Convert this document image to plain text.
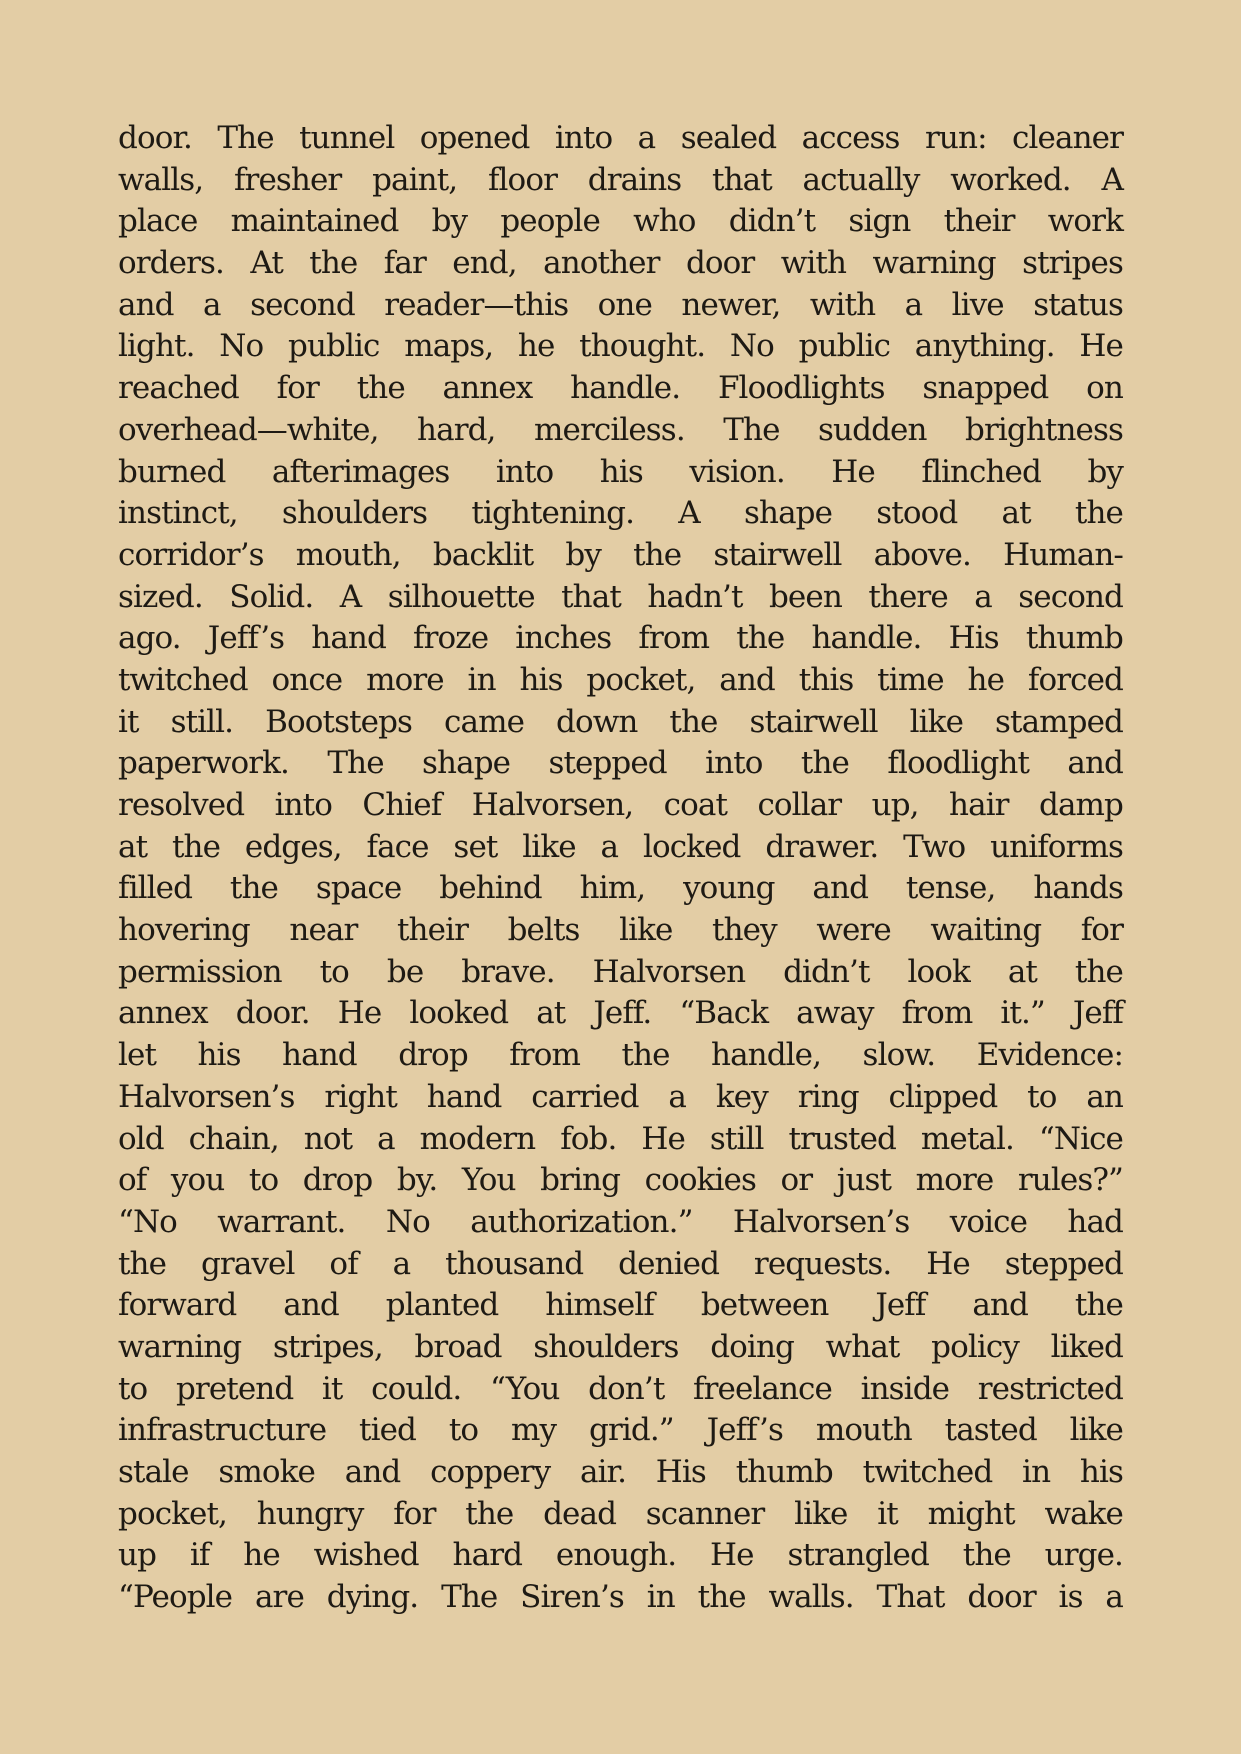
door. The tunnel opened into a sealed access run: cleaner
walls, fresher paint, floor drains that actually worked. A
place maintained by people who didn’t sign their work
orders. At the far end, another door with warning stripes
and a second reader—this one newer, with a live status
light. No public maps, he thought. No public anything. He
reached for the annex handle. Floodlights snapped on
overhead—white, hard, merciless. The sudden brightness
burned afterimages into his vision. He flinched by
instinct, shoulders tightening. A shape stood at the
corridor’s mouth, backlit by the stairwell above. Human-
sized. Solid. A silhouette that hadn’t been there a second
ago. Jeff’s hand froze inches from the handle. His thumb
twitched once more in his pocket, and this time he forced
it still. Bootsteps came down the stairwell like stamped
paperwork. The shape stepped into the floodlight and
resolved into Chief Halvorsen, coat collar up, hair damp
at the edges, face set like a locked drawer. Two uniforms
filled the space behind him, young and tense, hands
hovering near their belts like they were waiting for
permission to be brave. Halvorsen didn’t look at the
annex door. He looked at Jeff. “Back away from it.” Jeff
let his hand drop from the handle, slow. Evidence:
Halvorsen’s right hand carried a key ring clipped to an
old chain, not a modern fob. He still trusted metal. “Nice
of you to drop by. You bring cookies or just more rules?”
“No warrant. No authorization.” Halvorsen’s voice had
the gravel of a thousand denied requests. He stepped
forward and planted himself between Jeff and the
warning stripes, broad shoulders doing what policy liked
to pretend it could. “You don’t freelance inside restricted
infrastructure tied to my grid.” Jeff’s mouth tasted like
stale smoke and coppery air. His thumb twitched in his
pocket, hungry for the dead scanner like it might wake
up if he wished hard enough. He strangled the urge.
“People are dying. The Siren’s in the walls. That door is a
